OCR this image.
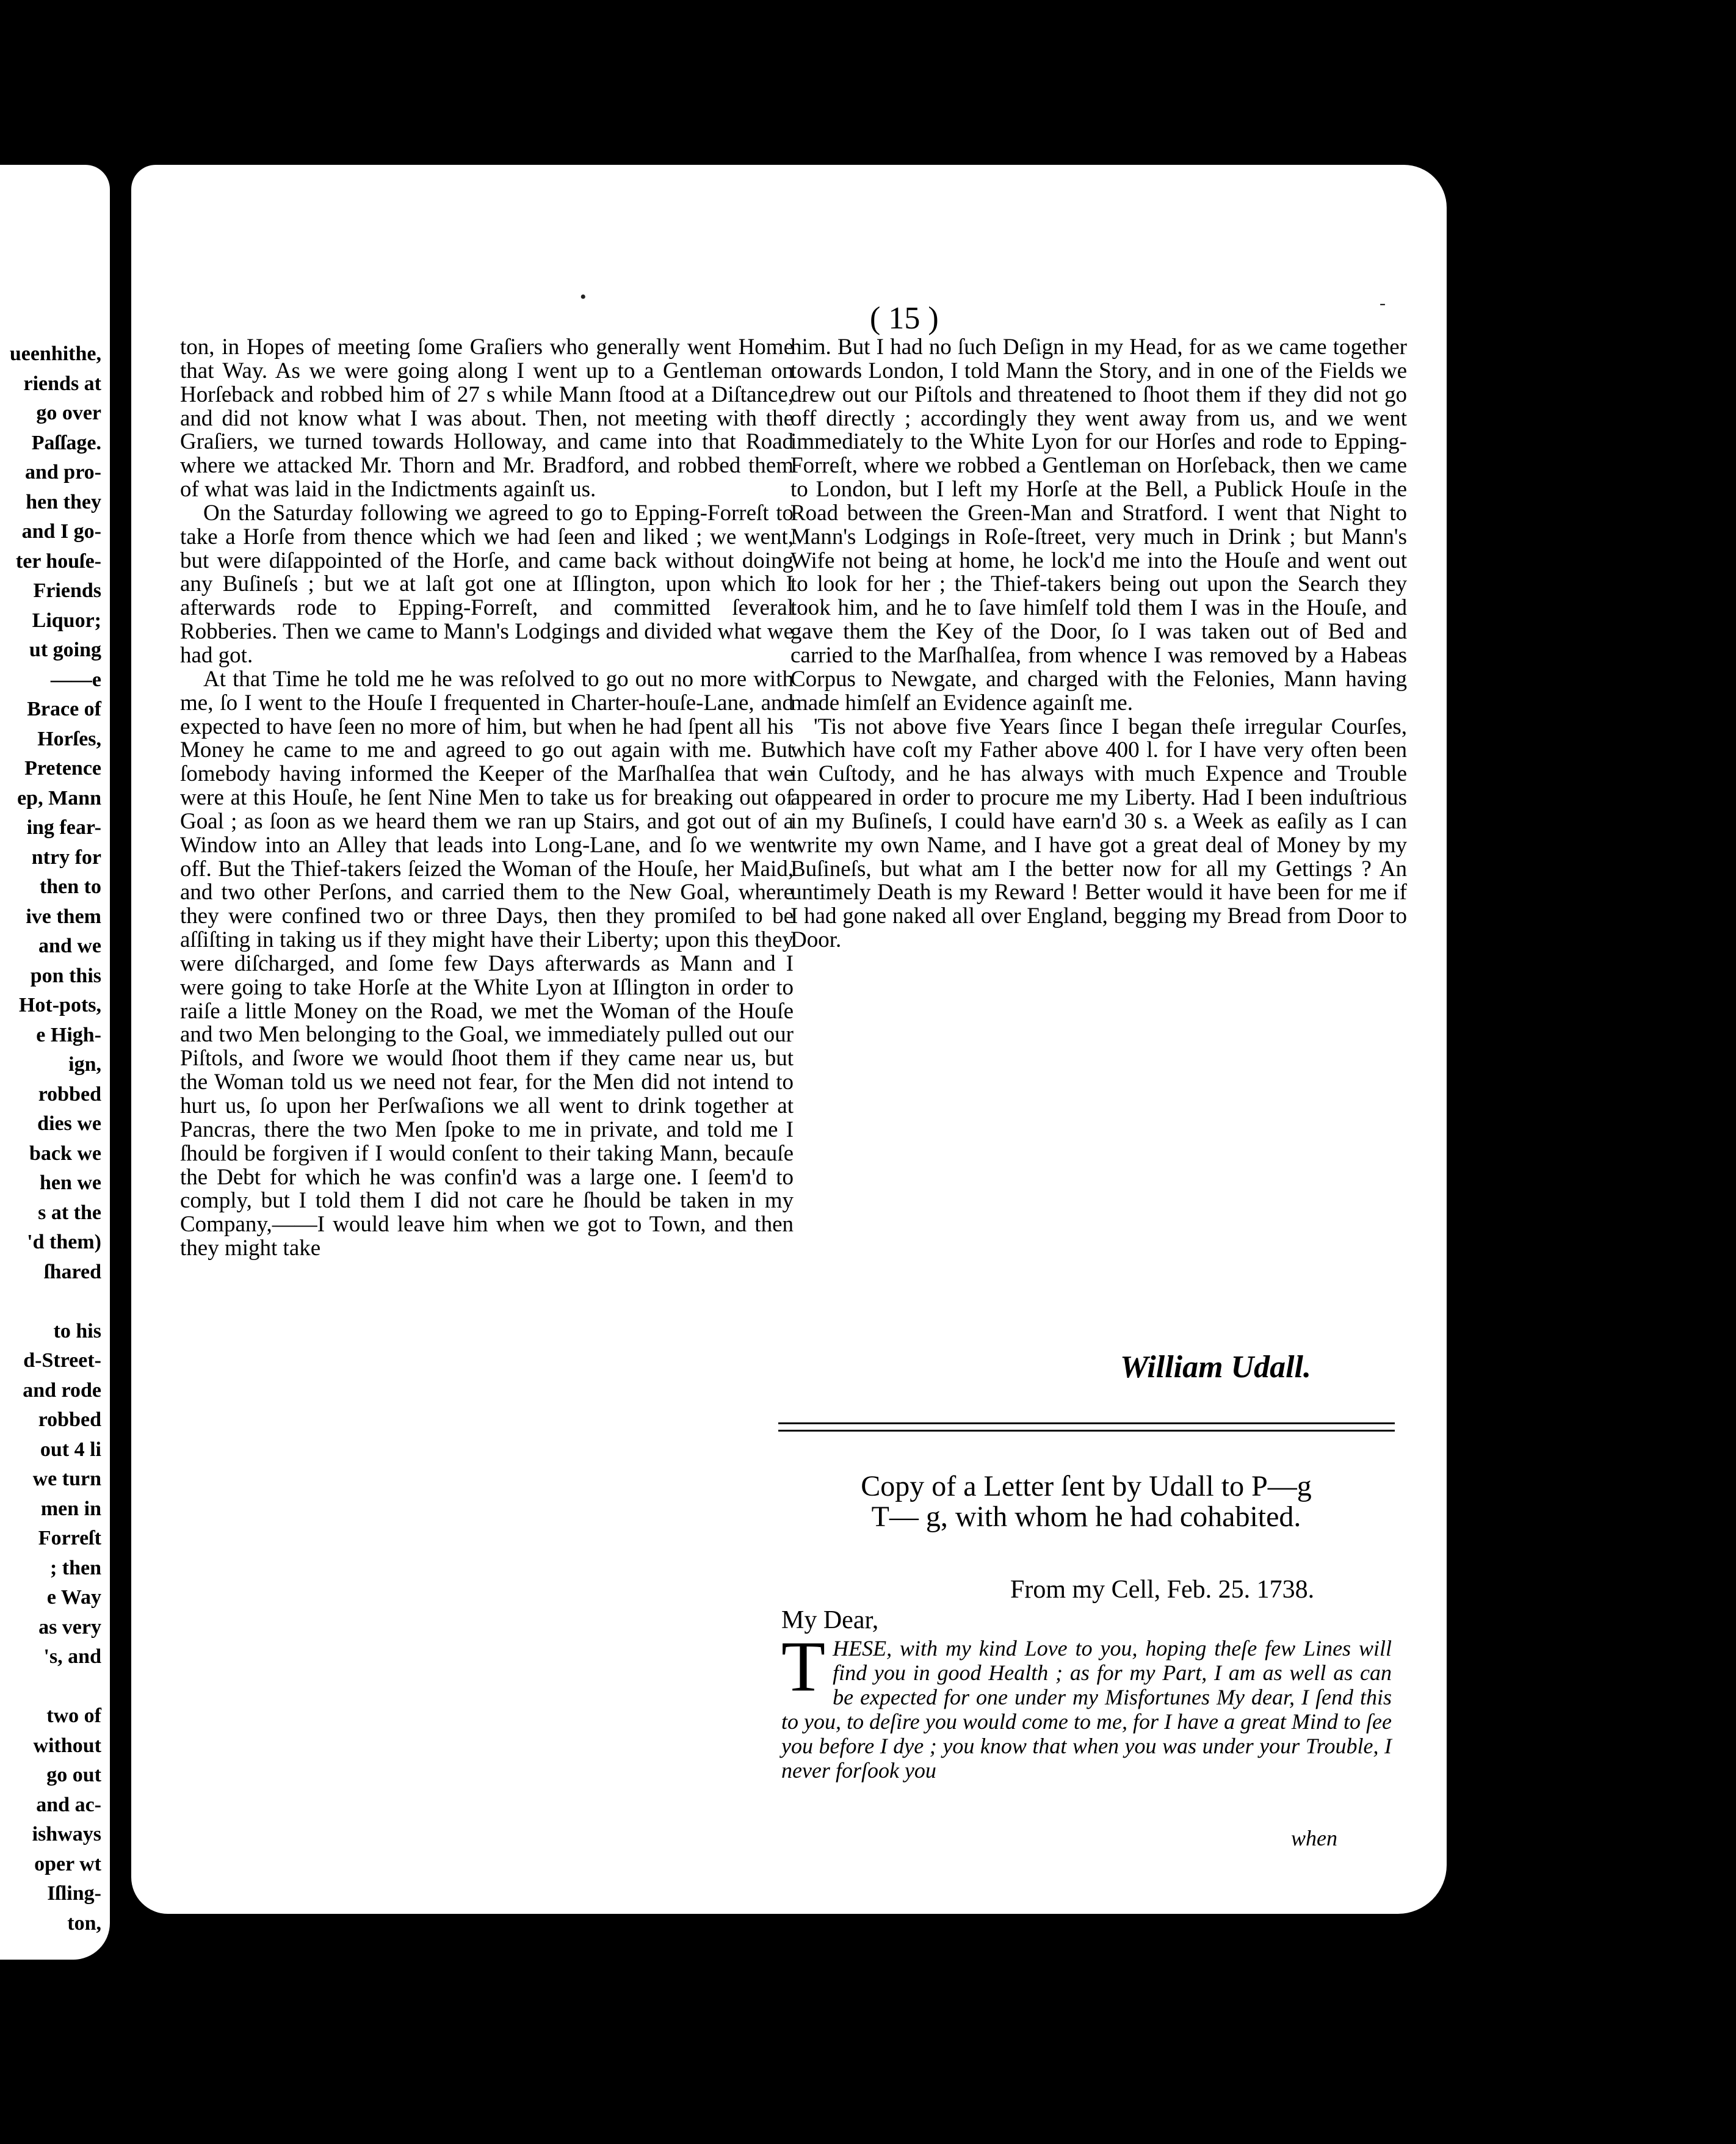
ueenhithe,
riends at
go over
Paſſage.
and pro-
hen they
and I go-
ter houſe-
Friends
Liquor;
ut going
——e
Brace of
Horſes,
Pretence
ep, Mann
ing fear-
ntry for
then to
ive them
and we
pon this
Hot-pots,
e High-
ign,
robbed
dies we
back we
hen we
s at the
'd them)
ſhared
to his
d-Street-
and rode
robbed
out 4 li
we turn
men in
Forreſt
; then
e Way
as very
's, and
two of
without
go out
and ac-
ishways
oper wt
Iſling-
ton,
( 15 )

ton, in Hopes of meeting ſome Graſiers who generally went Home that Way. As we were going along I went up to a Gentleman on Horſeback and robbed him of 27 s while Mann ſtood at a Diſtance, and did not know what I was about. Then, not meeting with the Graſiers, we turned towards Holloway, and came into that Road where we attacked Mr. Thorn and Mr. Bradford, and robbed them of what was laid in the Indictments againſt us.

On the Saturday following we agreed to go to Epping-Forreſt to take a Horſe from thence which we had ſeen and liked ; we went, but were diſappointed of the Horſe, and came back without doing any Buſineſs ; but we at laſt got one at Iſlington, upon which I afterwards rode to Epping-Forreſt, and committed ſeveral Robberies. Then we came to Mann's Lodgings and divided what we had got.

At that Time he told me he was reſolved to go out no more with me, ſo I went to the Houſe I frequented in Charter-houſe-Lane, and expected to have ſeen no more of him, but when he had ſpent all his Money he came to me and agreed to go out again with me. But ſomebody having informed the Keeper of the Marſhalſea that we were at this Houſe, he ſent Nine Men to take us for breaking out of Goal ; as ſoon as we heard them we ran up Stairs, and got out of a Window into an Alley that leads into Long-Lane, and ſo we went off. But the Thief-takers ſeized the Woman of the Houſe, her Maid, and two other Perſons, and carried them to the New Goal, where they were confined two or three Days, then they promiſed to be aſſiſting in taking us if they might have their Liberty; upon this they were diſcharged, and ſome few Days afterwards as Mann and I were going to take Horſe at the White Lyon at Iſlington in order to raiſe a little Money on the Road, we met the Woman of the Houſe and two Men belonging to the Goal, we immediately pulled out our Piſtols, and ſwore we would ſhoot them if they came near us, but the Woman told us we need not fear, for the Men did not intend to hurt us, ſo upon her Perſwaſions we all went to drink together at Pancras, there the two Men ſpoke to me in private, and told me I ſhould be forgiven if I would conſent to their taking Mann, becauſe the Debt for which he was confin'd was a large one. I ſeem'd to comply, but I told them I did not care he ſhould be taken in my Company,——I would leave him when we got to Town, and then they might take

him. But I had no ſuch Deſign in my Head, for as we came together towards London, I told Mann the Story, and in one of the Fields we drew out our Piſtols and threatened to ſhoot them if they did not go off directly ; accordingly they went away from us, and we went immediately to the White Lyon for our Horſes and rode to Epping-Forreſt, where we robbed a Gentleman on Horſeback, then we came to London, but I left my Horſe at the Bell, a Publick Houſe in the Road between the Green-Man and Stratford. I went that Night to Mann's Lodgings in Roſe-ſtreet, very much in Drink ; but Mann's Wife not being at home, he lock'd me into the Houſe and went out to look for her ; the Thief-takers being out upon the Search they took him, and he to ſave himſelf told them I was in the Houſe, and gave them the Key of the Door, ſo I was taken out of Bed and carried to the Marſhalſea, from whence I was removed by a Habeas Corpus to Newgate, and charged with the Felonies, Mann having made himſelf an Evidence againſt me.

'Tis not above five Years ſince I began theſe irregular Courſes, which have coſt my Father above 400 l. for I have very often been in Cuſtody, and he has always with much Expence and Trouble appeared in order to procure me my Liberty. Had I been induſtrious in my Buſineſs, I could have earn'd 30 s. a Week as eaſily as I can write my own Name, and I have got a great deal of Money by my Buſineſs, but what am I the better now for all my Gettings ? An untimely Death is my Reward ! Better would it have been for me if I had gone naked all over England, begging my Bread from Door to Door.

William Udall.
Copy of a Letter ſent by Udall to P—g
T— g, with whom he had cohabited.
From my Cell, Feb. 25. 1738.
My Dear,
THESE, with my kind Love to you, hoping theſe few Lines will find you in good Health ; as for my Part, I am as well as can be expected for one under my Misfortunes My dear, I ſend this to you, to deſire you would come to me, for I have a great Mind to ſee you before I dye ; you know that when you was under your Trouble, I never forſook you
when
•	-
